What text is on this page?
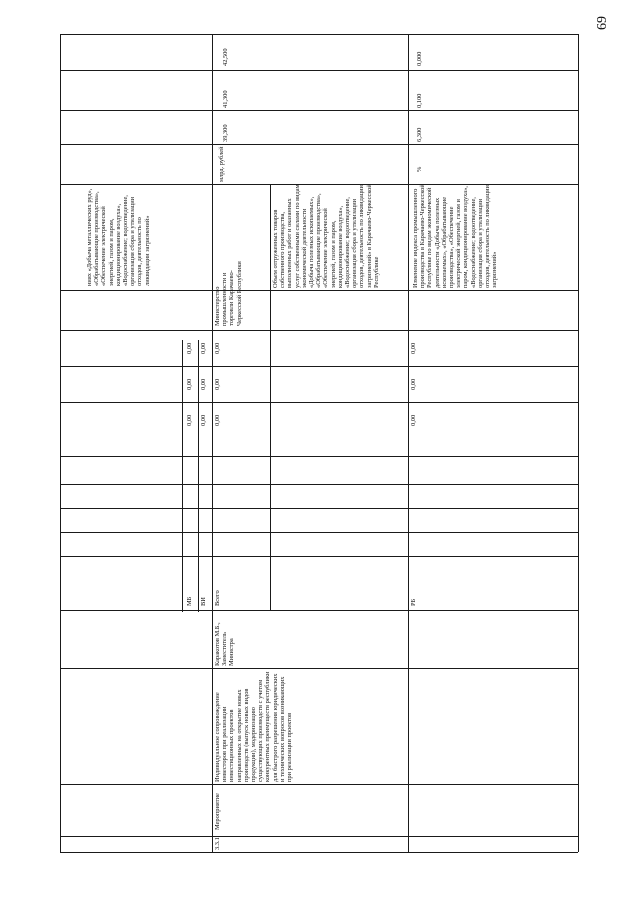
69
ниях «Добыча металлических руд», «Обрабатывающие производства», «Обеспечение электрической энергией, газом и паром, кондиционирование воздуха», «Водоснабжение; водоотведение, организация сбора и утилизации отходов, деятельность по ликвидации загрязнений»
млрд. рублей
39,300
41,300
42,500
МБ	ВИ	Всего
0,00
0,00
0,00
0,00
0,00
0,00
0,00
0,00
0,00
Министерство промышленности и торговли Карачаево-Черкесской Республики
Объем отгруженных товаров собственного производства, выполненных работ и оказанных услуг собственными силами по видам экономической деятельности «Добыча полезных ископаемых», «Обрабатывающие производства», «Обеспечение электрической энергией, газом и паром, кондиционирование воздуха», «Водоснабжение; водоотведение, организация сбора и утилизации отходов, деятельность по ликвидации загрязнений» в Карачаево-Черкесской Республике
3.3.1
Мероприятие
Индивидуальное сопровождение инвесторов при реализации инвестиционных проектов направленных на открытие новых производств (выпуск новых видов продукции), модернизацию существующих производств с учетом конкурентных преимуществ республики для быстрого разрешения юридических и технических вопросов возникающих при реализации проектов
Каракотов М.Б., Заместитель Министра
РБ
0,00
0,00
0,00
Изменение индекса промышленного производства в Карачаево-Черкесской Республике по видам экономической деятельности «Добыча полезных ископаемых», «Обрабатывающие производства», «Обеспечение электрической энергией, газом и паром, кондиционирование воздуха», «Водоснабжение; водоотведение, организация сбора и утилизации отходов, деятельность по ликвидации загрязнений»
%
6,300
0,100
0,000
